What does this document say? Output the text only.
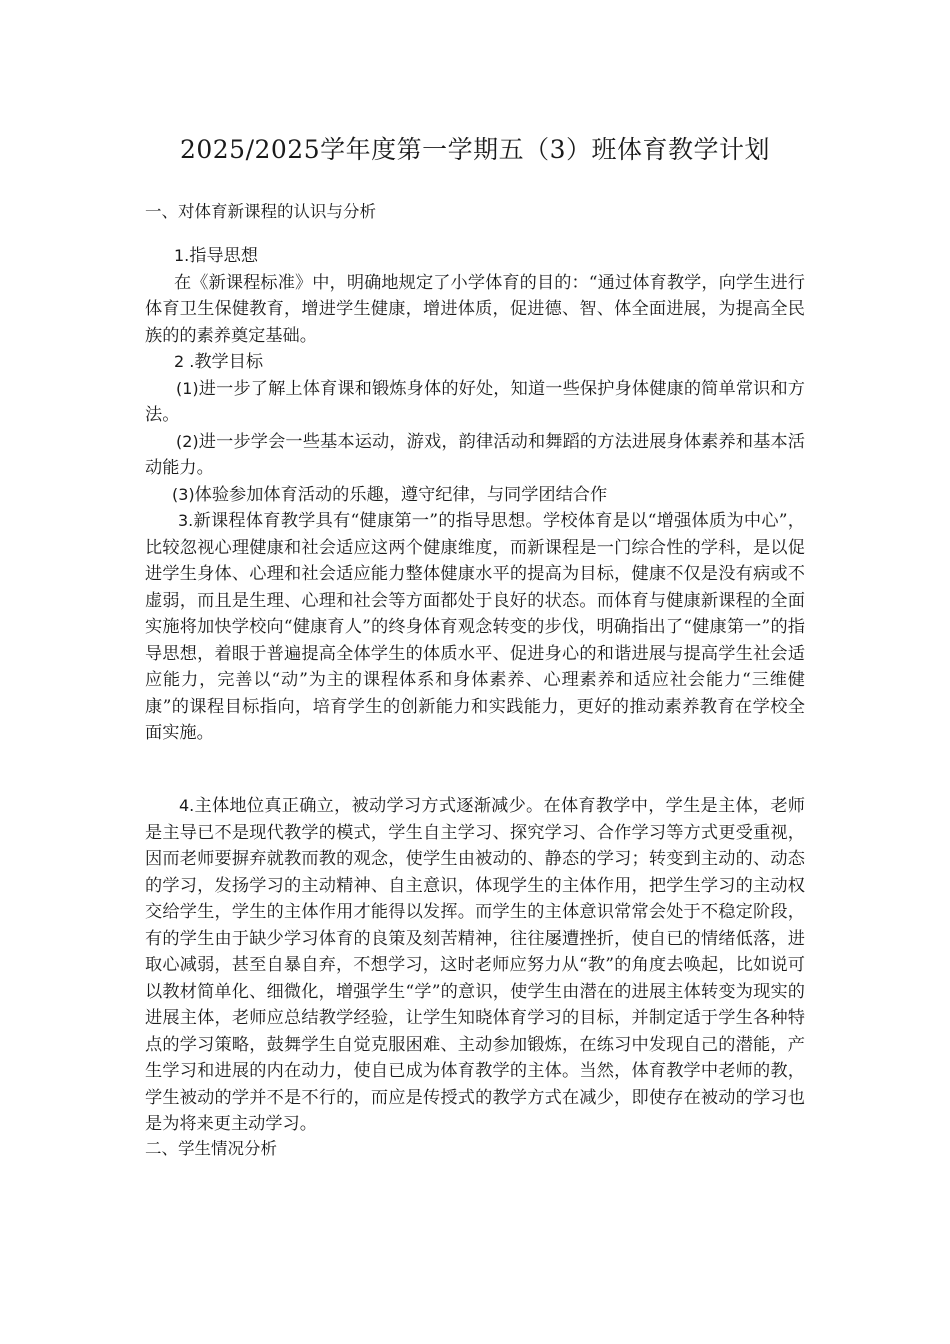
2025/2025学年度第一学期五（3）班体育教学计划
一、对体育新课程的认识与分析

1.指导思想

在《新课程标准》中，明确地规定了小学体育的目的：“通过体育教学，向学生进行体育卫生保健教育，增进学生健康，增进体质，促进德、智、体全面进展，为提高全民族的的素养奠定基础。

2 .教学目标

(1)进一步了解上体育课和锻炼身体的好处，知道一些保护身体健康的简单常识和方法。

(2)进一步学会一些基本运动，游戏，韵律活动和舞蹈的方法进展身体素养和基本活动能力。

(3)体验参加体育活动的乐趣，遵守纪律，与同学团结合作

3.新课程体育教学具有“健康第一”的指导思想。学校体育是以“增强体质为中心”，比较忽视心理健康和社会适应这两个健康维度，而新课程是一门综合性的学科，是以促进学生身体、心理和社会适应能力整体健康水平的提高为目标，健康不仅是没有病或不虚弱，而且是生理、心理和社会等方面都处于良好的状态。而体育与健康新课程的全面实施将加快学校向“健康育人”的终身体育观念转变的步伐，明确指出了“健康第一”的指导思想，着眼于普遍提高全体学生的体质水平、促进身心的和谐进展与提高学生社会适应能力，完善以“动”为主的课程体系和身体素养、心理素养和适应社会能力“三维健康”的课程目标指向，培育学生的创新能力和实践能力，更好的推动素养教育在学校全面实施。

4.主体地位真正确立，被动学习方式逐渐减少。在体育教学中，学生是主体，老师是主导已不是现代教学的模式，学生自主学习、探究学习、合作学习等方式更受重视，因而老师要摒弃就教而教的观念，使学生由被动的、静态的学习；转变到主动的、动态的学习，发扬学习的主动精神、自主意识，体现学生的主体作用，把学生学习的主动权交给学生，学生的主体作用才能得以发挥。而学生的主体意识常常会处于不稳定阶段，有的学生由于缺少学习体育的良策及刻苦精神，往往屡遭挫折，使自已的情绪低落，进取心减弱，甚至自暴自弃，不想学习，这时老师应努力从“教”的角度去唤起，比如说可以教材简单化、细微化，增强学生“学”的意识，使学生由潜在的进展主体转变为现实的进展主体，老师应总结教学经验，让学生知晓体育学习的目标，并制定适于学生各种特点的学习策略，鼓舞学生自觉克服困难、主动参加锻炼，在练习中发现自己的潜能，产生学习和进展的内在动力，使自已成为体育教学的主体。当然，体育教学中老师的教，学生被动的学并不是不行的，而应是传授式的教学方式在减少，即使存在被动的学习也是为将来更主动学习。

二、学生情况分析
